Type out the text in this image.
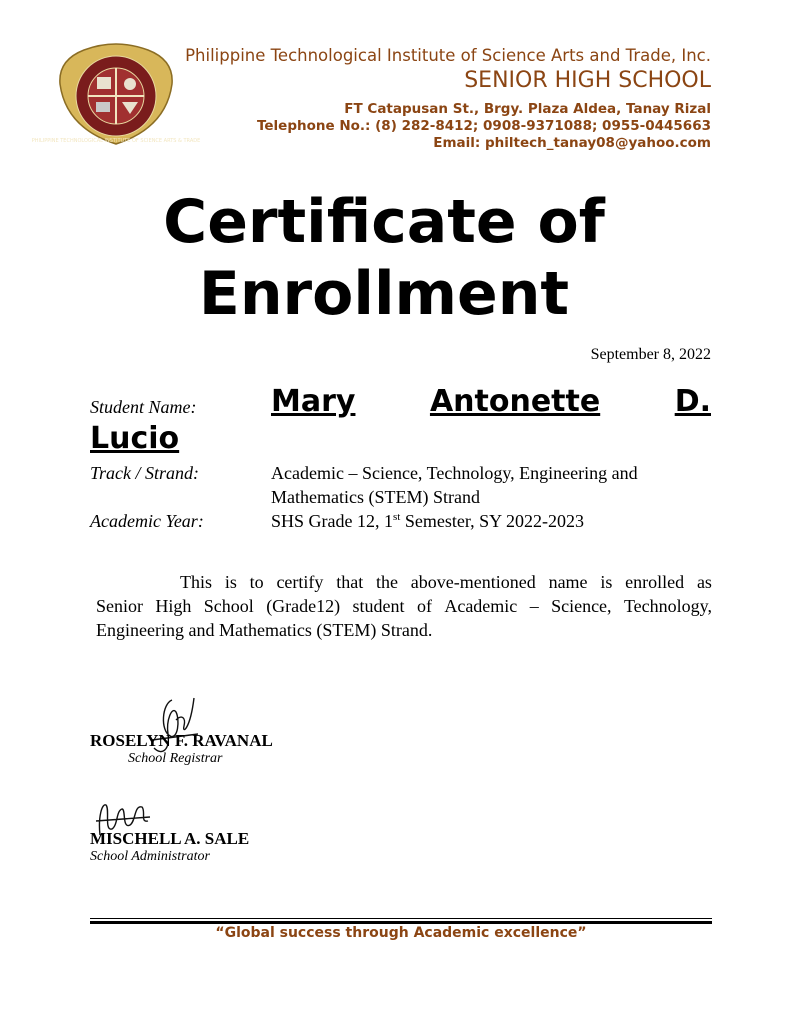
PHILIPPINE TECHNOLOGICAL INSTITUTE OF SCIENCE ARTS & TRADE
Philippine Technological Institute of Science Arts and Trade, Inc.
SENIOR HIGH SCHOOL
FT Catapusan St., Brgy. Plaza Aldea, Tanay Rizal
Telephone No.: (8) 282-8412; 0908-9371088; 0955-0445663
Email: philtech_tanay08@yahoo.com
Certificate of
Enrollment
September 8, 2022
Student Name: Mary Antonette D.
Lucio
Track / Strand:	Academic – Science, Technology, Engineering and
Mathematics (STEM) Strand
Academic Year:	SHS Grade 12, 1st Semester, SY 2022-2023
This is to certify that the above-mentioned name is enrolled as
Senior High School (Grade12) student of Academic – Science, Technology,
Engineering and Mathematics (STEM) Strand.
ROSELYN F. RAVANAL
School Registrar
MISCHELL A. SALE
School Administrator
“Global success through Academic excellence”
